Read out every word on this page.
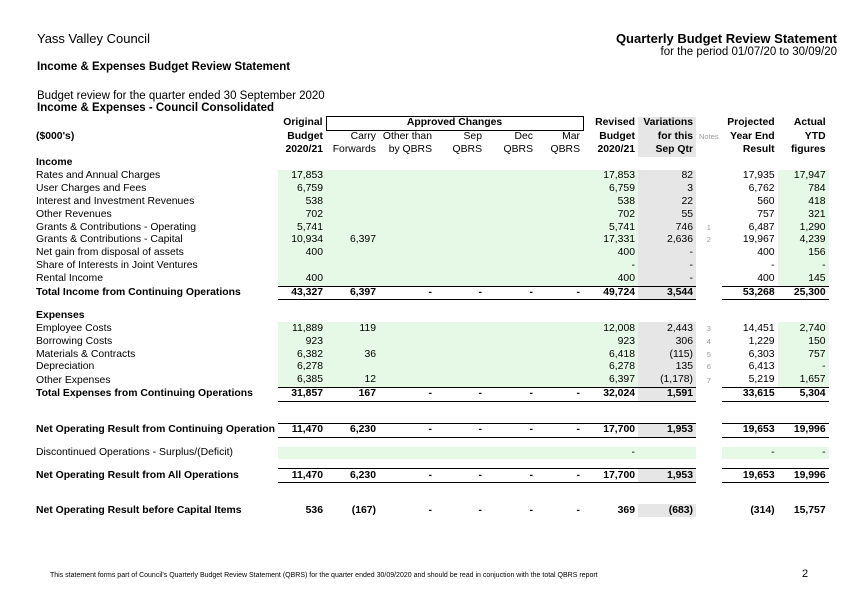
Yass Valley Council	Quarterly Budget Review Statement
for the period 01/07/20 to 30/09/20
Income & Expenses Budget Review Statement
Budget review for the quarter ended 30 September 2020
Income & Expenses - Council Consolidated
	Original	Approved Changes					Revised	Variations		Projected	Actual
($000's)	Budget	Carry	Other than	Sep	Dec	Mar	Budget	for this	Notes	Year End	YTD
	2020/21	Forwards	by QBRS	QBRS	QBRS	QBRS	2020/21	Sep Qtr		Result	figures
Income											
Rates and Annual Charges	17,853						17,853	82		17,935	17,947
User Charges and Fees	6,759						6,759	3		6,762	784
Interest and Investment Revenues	538						538	22		560	418
Other Revenues	702						702	55		757	321
Grants & Contributions - Operating	5,741						5,741	746	1	6,487	1,290
Grants & Contributions - Capital	10,934	6,397					17,331	2,636	2	19,967	4,239
Net gain from disposal of assets	400						400	-		400	156
Share of Interests in Joint Ventures							-	-		-	-
Rental Income	400						400	-		400	145
Total Income from Continuing Operations	43,327	6,397	-	-	-	-	49,724	3,544		53,268	25,300

Expenses											
Employee Costs	11,889	119					12,008	2,443	3	14,451	2,740
Borrowing Costs	923						923	306	4	1,229	150
Materials & Contracts	6,382	36					6,418	(115)	5	6,303	757
Depreciation	6,278						6,278	135	6	6,413	-
Other Expenses	6,385	12					6,397	(1,178)	7	5,219	1,657
Total Expenses from Continuing Operations	31,857	167	-	-	-	-	32,024	1,591		33,615	5,304

Net Operating Result from Continuing Operation	11,470	6,230	-	-	-	-	17,700	1,953		19,653	19,996

Discontinued Operations - Surplus/(Deficit)							-			-	-

Net Operating Result from All Operations	11,470	6,230	-	-	-	-	17,700	1,953		19,653	19,996

Net Operating Result before Capital Items	536	(167)	-	-	-	-	369	(683)		(314)	15,757
This statement forms part of Council's Quarterly Budget Review Statement (QBRS) for the quarter ended 30/09/2020 and should be read in conjuction with the total QBRS report	2
